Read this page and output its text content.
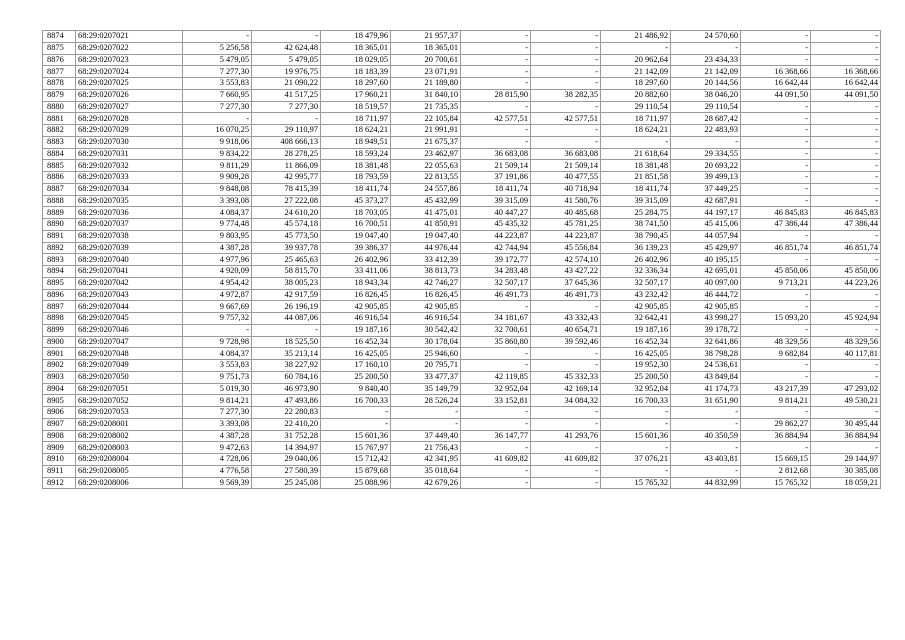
8874	68:29:0207021	-	-	18 479,96	21 957,37	-	-	21 486,92	24 570,60	-	-
8875	68:29:0207022	5 256,58	42 624,48	18 365,01	18 365,01	-	-	-	-	-	-
8876	68:29:0207023	5 479,05	5 479,05	18 029,05	20 700,61	-	-	20 962,64	23 434,33	-	-
8877	68:29:0207024	7 277,30	19 976,75	18 183,39	23 071,91	-	-	21 142,09	21 142,09	16 368,66	16 368,66
8878	68:29:0207025	3 553,83	21 090,22	18 297,60	21 189,80	-	-	18 297,60	20 144,56	16 642,44	16 642,44
8879	68:29:0207026	7 660,95	41 517,25	17 960,21	31 840,10	28 815,90	38 282,35	20 882,60	38 046,20	44 091,50	44 091,50
8880	68:29:0207027	7 277,30	7 277,30	18 519,57	21 735,35	-	-	29 110,54	29 110,54	-	-
8881	68:29:0207028	-	-	18 711,97	22 105,84	42 577,51	42 577,51	18 711,97	28 687,42	-	-
8882	68:29:0207029	16 070,25	29 110,97	18 624,21	21 991,91	-	-	18 624,21	22 483,93	-	-
8883	68:29:0207030	9 918,06	408 666,13	18 949,51	21 675,37	-	-	-	-	-	-
8884	68:29:0207031	9 834,22	28 278,25	18 593,24	23 462,97	36 683,08	36 683,08	21 618,64	29 334,55	-	-
8885	68:29:0207032	9 811,29	11 866,09	18 381,48	22 055,63	21 509,14	21 509,14	18 381,48	20 693,22	-	-
8886	68:29:0207033	9 909,28	42 995,77	18 793,59	22 813,55	37 191,86	40 477,55	21 851,58	39 499,13	-	-
8887	68:29:0207034	9 848,08	78 415,39	18 411,74	24 557,86	18 411,74	40 718,94	18 411,74	37 449,25	-	-
8888	68:29:0207035	3 393,08	27 222,08	45 373,27	45 432,99	39 315,09	41 580,76	39 315,09	42 687,91	-	-
8889	68:29:0207036	4 084,37	24 610,20	18 703,05	41 475,01	40 447,27	40 485,68	25 284,75	44 197,17	46 845,83	46 845,83
8890	68:29:0207037	9 774,48	45 574,18	16 700,51	41 850,91	45 435,32	45 781,25	38 741,50	45 415,06	47 386,44	47 386,44
8891	68:29:0207038	9 803,95	45 773,50	19 047,40	19 047,40	44 223,87	44 223,87	38 790,45	44 057,94	-	-
8892	68:29:0207039	4 387,28	39 937,78	39 386,37	44 976,44	42 744,94	45 556,84	36 139,23	45 429,97	46 851,74	46 851,74
8893	68:29:0207040	4 977,96	25 465,63	26 402,96	33 412,39	39 172,77	42 574,10	26 402,96	40 195,15	-	-
8894	68:29:0207041	4 920,09	58 815,70	33 411,06	38 813,73	34 283,48	43 427,22	32 336,34	42 695,01	45 850,06	45 850,06
8895	68:29:0207042	4 954,42	38 005,23	18 943,34	42 746,27	32 507,17	37 645,36	32 507,17	40 097,00	9 713,21	44 223,26
8896	68:29:0207043	4 972,87	42 917,59	16 826,45	16 826,45	46 491,73	46 491,73	43 232,42	46 444,72	-	-
8897	68:29:0207044	9 667,69	26 196,19	42 905,85	42 905,85	-	-	42 905,85	42 905,85	-	-
8898	68:29:0207045	9 757,32	44 087,06	46 916,54	46 916,54	34 181,67	43 332,43	32 642,41	43 998,27	15 093,20	45 924,94
8899	68:29:0207046	-	-	19 187,16	30 542,42	32 700,61	40 654,71	19 187,16	39 178,72	-	-
8900	68:29:0207047	9 728,98	18 525,50	16 452,34	30 178,04	35 860,80	39 592,46	16 452,34	32 641,86	48 329,56	48 329,56
8901	68:29:0207048	4 084,37	35 213,14	16 425,05	25 946,60	-	-	16 425,05	38 798,28	9 682,84	40 117,81
8902	68:29:0207049	3 553,83	38 227,92	17 160,10	20 795,71	-	-	19 952,30	24 536,61	-	-
8903	68:29:0207050	9 751,73	60 784,16	25 200,50	33 477,37	42 119,85	45 332,33	25 200,50	43 849,84	-	-
8904	68:29:0207051	5 019,30	46 973,90	9 840,40	35 149,79	32 952,04	42 169,14	32 952,04	41 174,73	43 217,39	47 293,02
8905	68:29:0207052	9 814,21	47 493,86	16 700,33	28 526,24	33 152,81	34 084,32	16 700,33	31 651,90	9 814,21	49 530,21
8906	68:29:0207053	7 277,30	22 280,83	-	-	-	-	-	-	-	-
8907	68:29:0208001	3 393,08	22 410,20	-	-	-	-	-	-	29 862,27	30 495,44
8908	68:29:0208002	4 387,28	31 752,28	15 601,36	37 449,40	36 147,77	41 293,76	15 601,36	40 350,59	36 884,94	36 884,94
8909	68:29:0208003	9 472,63	14 394,97	15 767,97	21 756,43	-	-	-	-	-	-
8910	68:29:0208004	4 728,06	29 040,06	15 712,42	42 341,95	41 609,82	41 609,82	37 076,21	43 403,81	15 669,15	29 144,97
8911	68:29:0208005	4 776,58	27 580,39	15 879,68	35 018,64	-	-	-	-	2 812,68	30 385,08
8912	68:29:0208006	9 569,39	25 245,08	25 088,96	42 679,26	-	-	15 765,32	44 832,99	15 765,32	18 059,21
